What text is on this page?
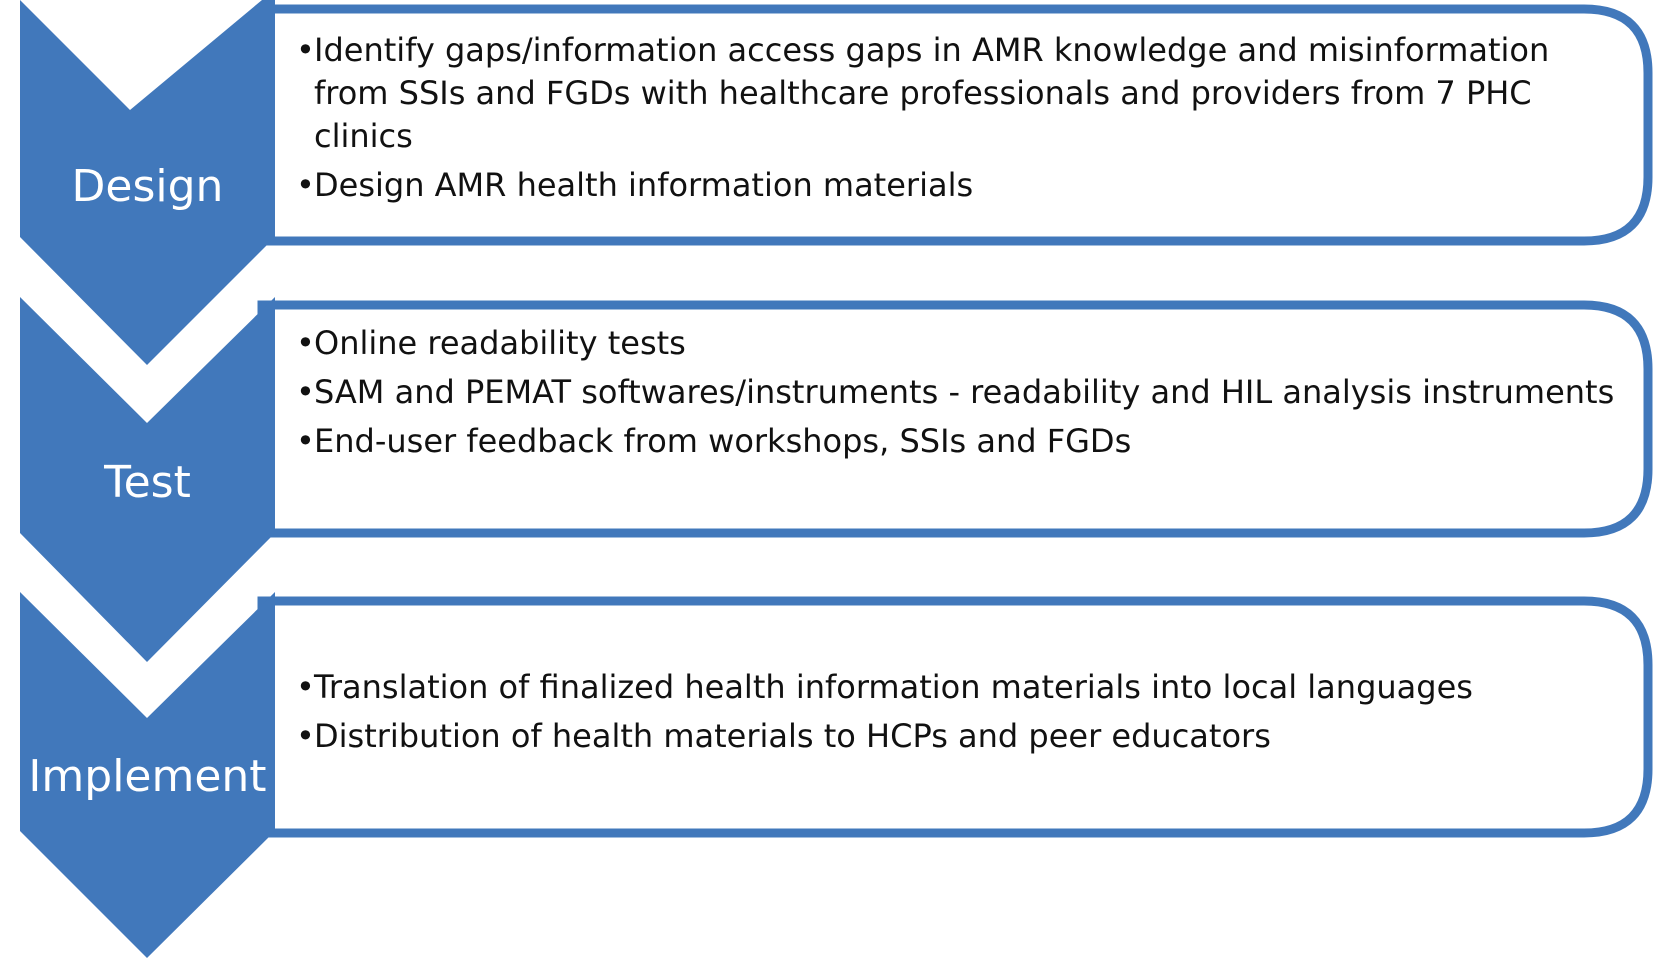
Design
Test
Implement
• Identify gaps/information access gaps in AMR knowledge and misinformation from SSIs and FGDs with healthcare professionals and providers from 7 PHC clinics
• Design AMR health information materials
• Online readability tests
• SAM and PEMAT softwares/instruments - readability and HIL analysis instruments
• End-user feedback from workshops, SSIs and FGDs
• Translation of finalized health information materials into local languages
• Distribution of health materials to HCPs and peer educators
